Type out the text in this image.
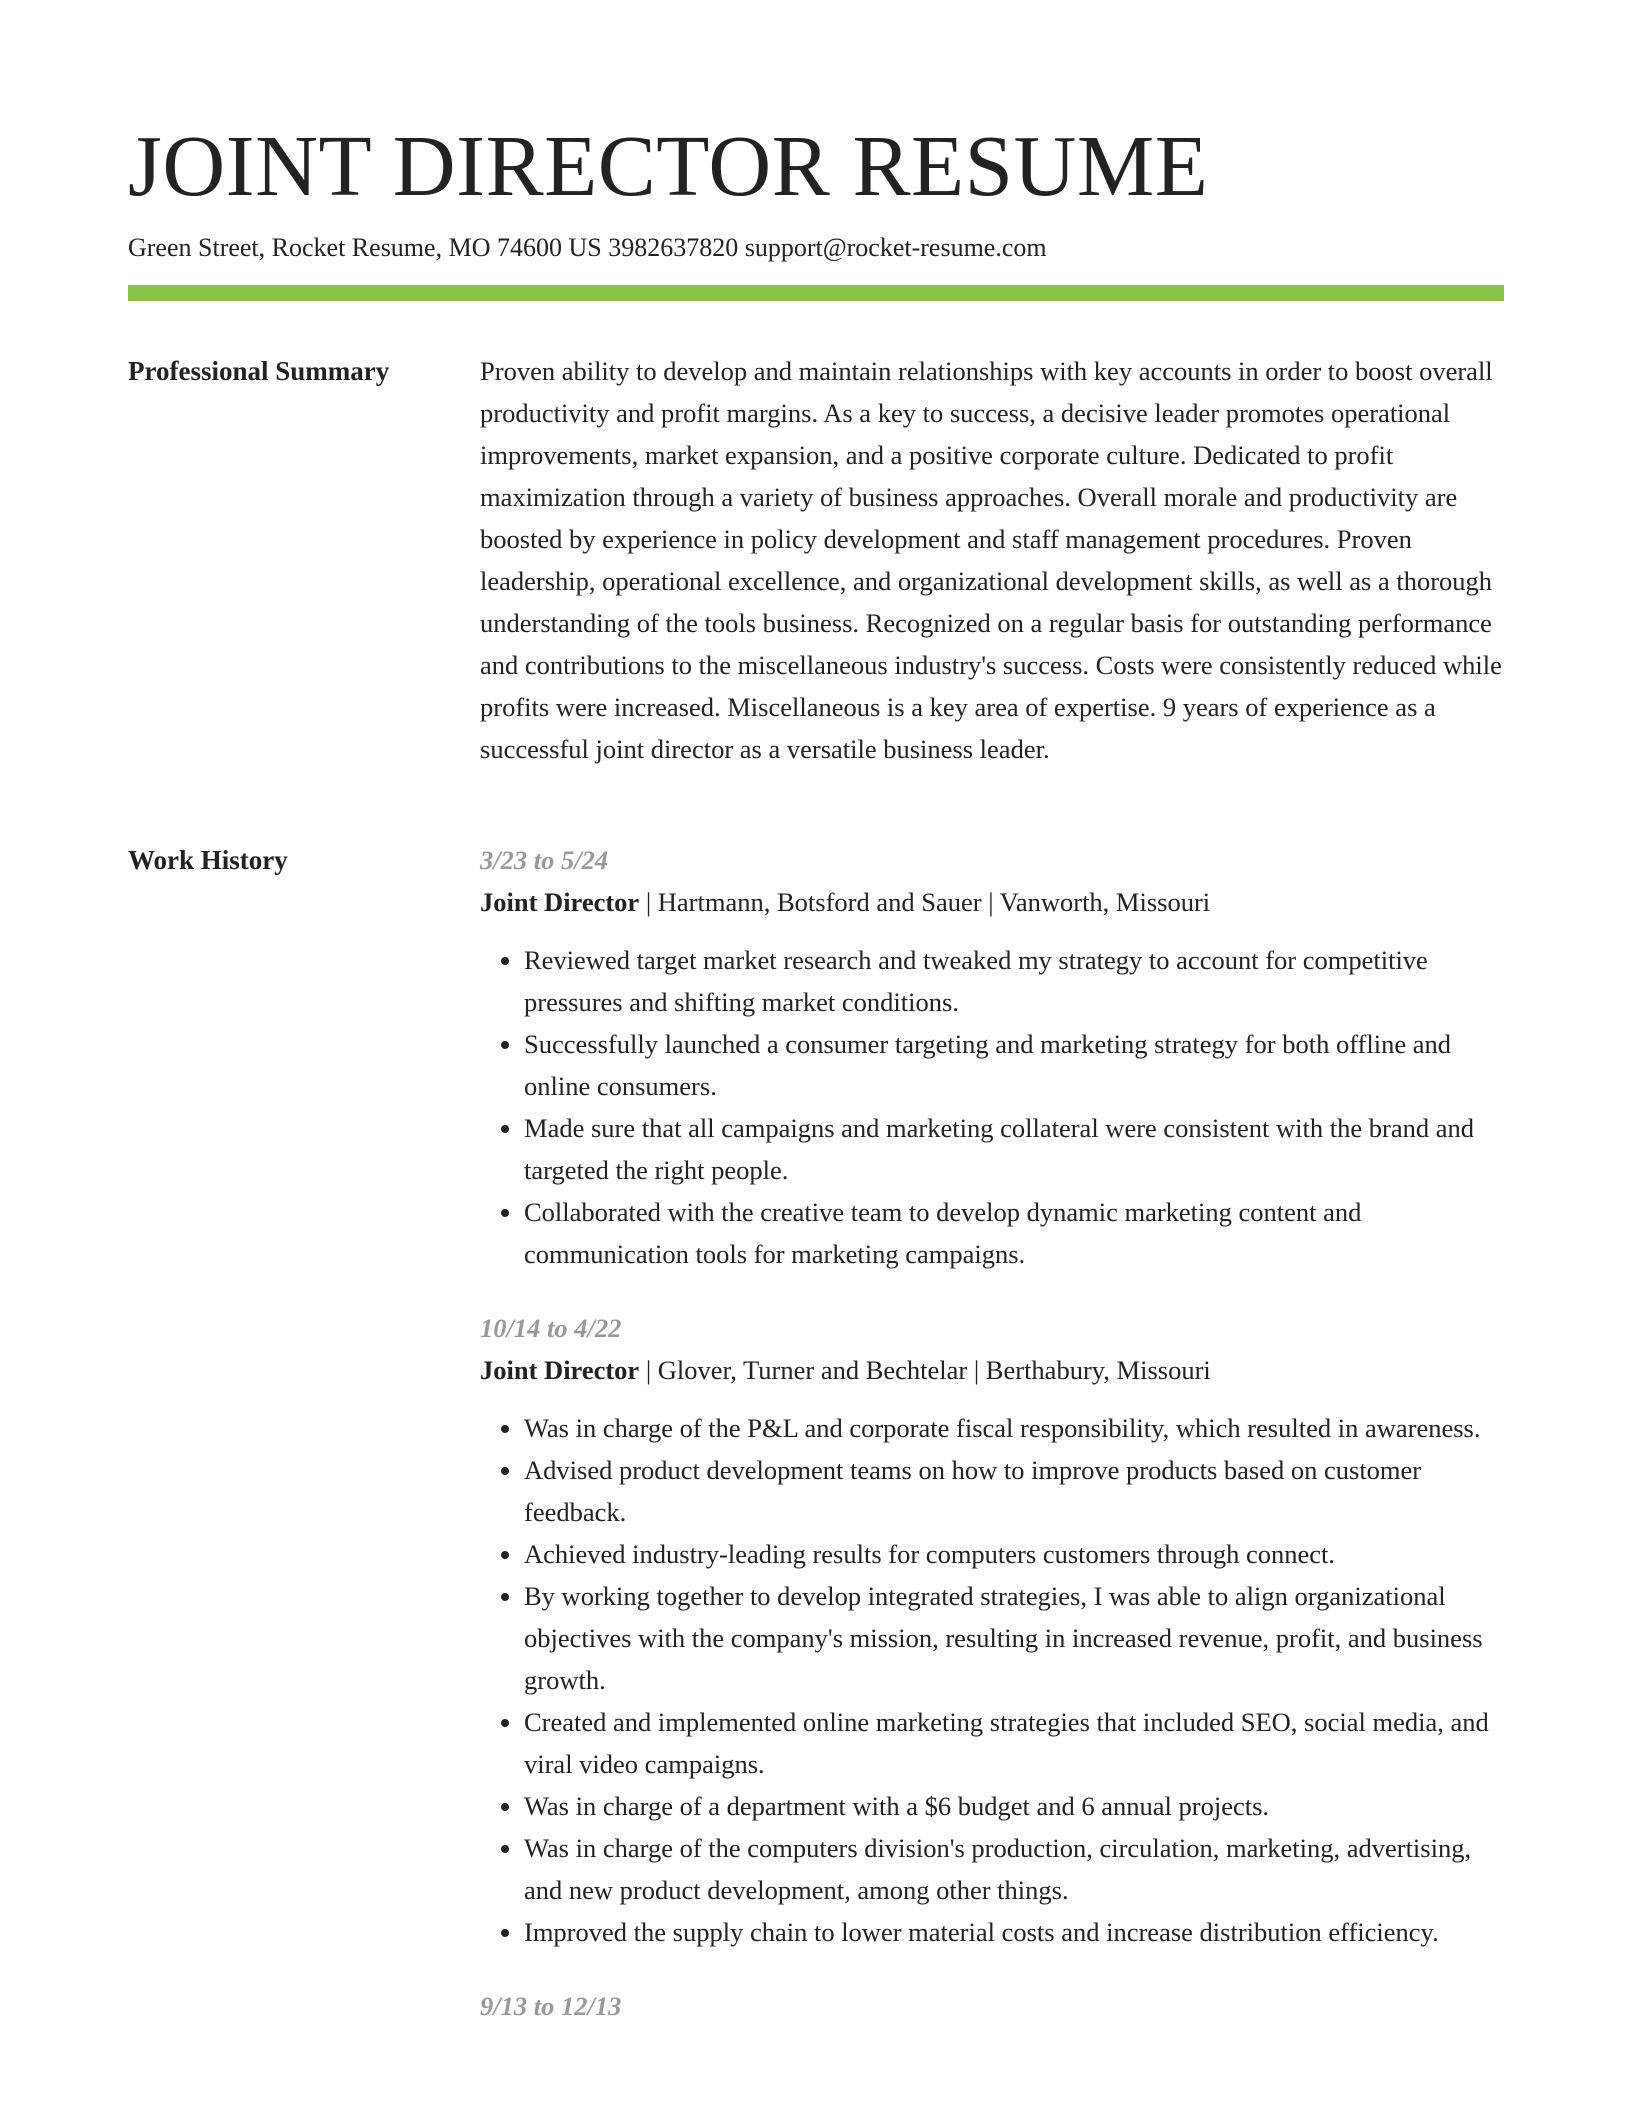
JOINT DIRECTOR RESUME
Green Street, Rocket Resume, MO 74600 US 3982637820 support@rocket-resume.com
Professional Summary	Proven ability to develop and maintain relationships with key accounts in order to boost overall productivity and profit margins. As a key to success, a decisive leader promotes operational improvements, market expansion, and a positive corporate culture. Dedicated to profit maximization through a variety of business approaches. Overall morale and productivity are boosted by experience in policy development and staff management procedures. Proven leadership, operational excellence, and organizational development skills, as well as a thorough understanding of the tools business. Recognized on a regular basis for outstanding performance and contributions to the miscellaneous industry's success. Costs were consistently reduced while profits were increased. Miscellaneous is a key area of expertise. 9 years of experience as a successful joint director as a versatile business leader.

Work History	3/23 to 5/24
Joint Director | Hartmann, Botsford and Sauer | Vanworth, Missouri
• Reviewed target market research and tweaked my strategy to account for competitive pressures and shifting market conditions.
• Successfully launched a consumer targeting and marketing strategy for both offline and online consumers.
• Made sure that all campaigns and marketing collateral were consistent with the brand and targeted the right people.
• Collaborated with the creative team to develop dynamic marketing content and communication tools for marketing campaigns.
10/14 to 4/22
Joint Director | Glover, Turner and Bechtelar | Berthabury, Missouri
• Was in charge of the P&L and corporate fiscal responsibility, which resulted in awareness.
• Advised product development teams on how to improve products based on customer feedback.
• Achieved industry-leading results for computers customers through connect.
• By working together to develop integrated strategies, I was able to align organizational objectives with the company's mission, resulting in increased revenue, profit, and business growth.
• Created and implemented online marketing strategies that included SEO, social media, and viral video campaigns.
• Was in charge of a department with a $6 budget and 6 annual projects.
• Was in charge of the computers division's production, circulation, marketing, advertising, and new product development, among other things.
• Improved the supply chain to lower material costs and increase distribution efficiency.
9/13 to 12/13
